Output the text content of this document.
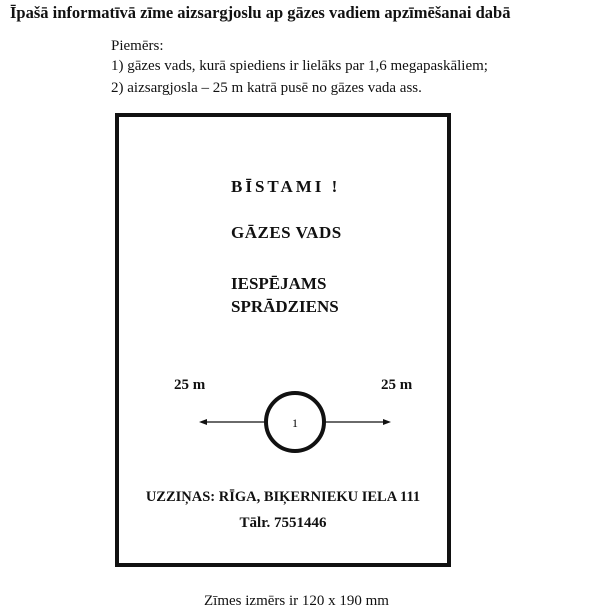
Īpašā informatīvā zīme aizsargjoslu ap gāzes vadiem apzīmēšanai dabā
Piemērs:
1) gāzes vads, kurā spiediens ir lielāks par 1,6 megapaskāliem;
2) aizsargjosla – 25 m katrā pusē no gāzes vada ass.
BĪSTAMI !
GĀZES VADS
IESPĒJAMS
SPRĀDZIENS
25 m	25 m
1
UZZIŅAS: RĪGA, BIĶERNIEKU IELA 111
Tālr. 7551446
Zīmes izmērs ir 120 x 190 mm
